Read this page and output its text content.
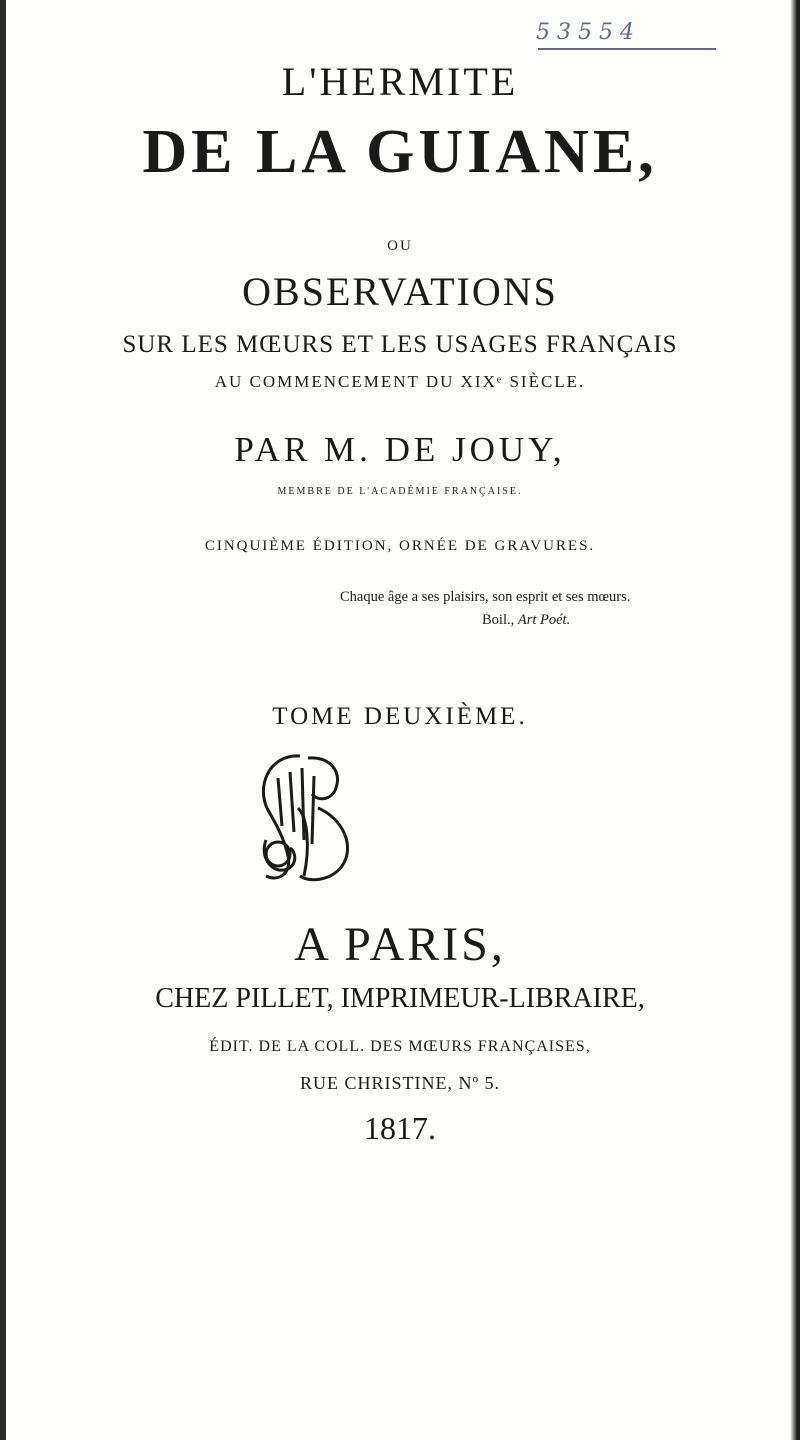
5 3 5 5 4
L'HERMITE
DE LA GUIANE,
OU
OBSERVATIONS
SUR LES MŒURS ET LES USAGES FRANÇAIS
AU COMMENCEMENT DU XIXᵉ SIÈCLE.
PAR M. DE JOUY,
MEMBRE DE L'ACADÉMIE FRANÇAISE.
CINQUIÈME ÉDITION, ORNÉE DE GRAVURES.
Chaque âge a ses plaisirs, son esprit et ses mœurs.
Boil., Art Poét.
TOME DEUXIÈME.
A PARIS,
CHEZ PILLET, IMPRIMEUR-LIBRAIRE,
ÉDIT. DE LA COLL. DES MŒURS FRANÇAISES,
RUE CHRISTINE, Nº 5.
1817.
